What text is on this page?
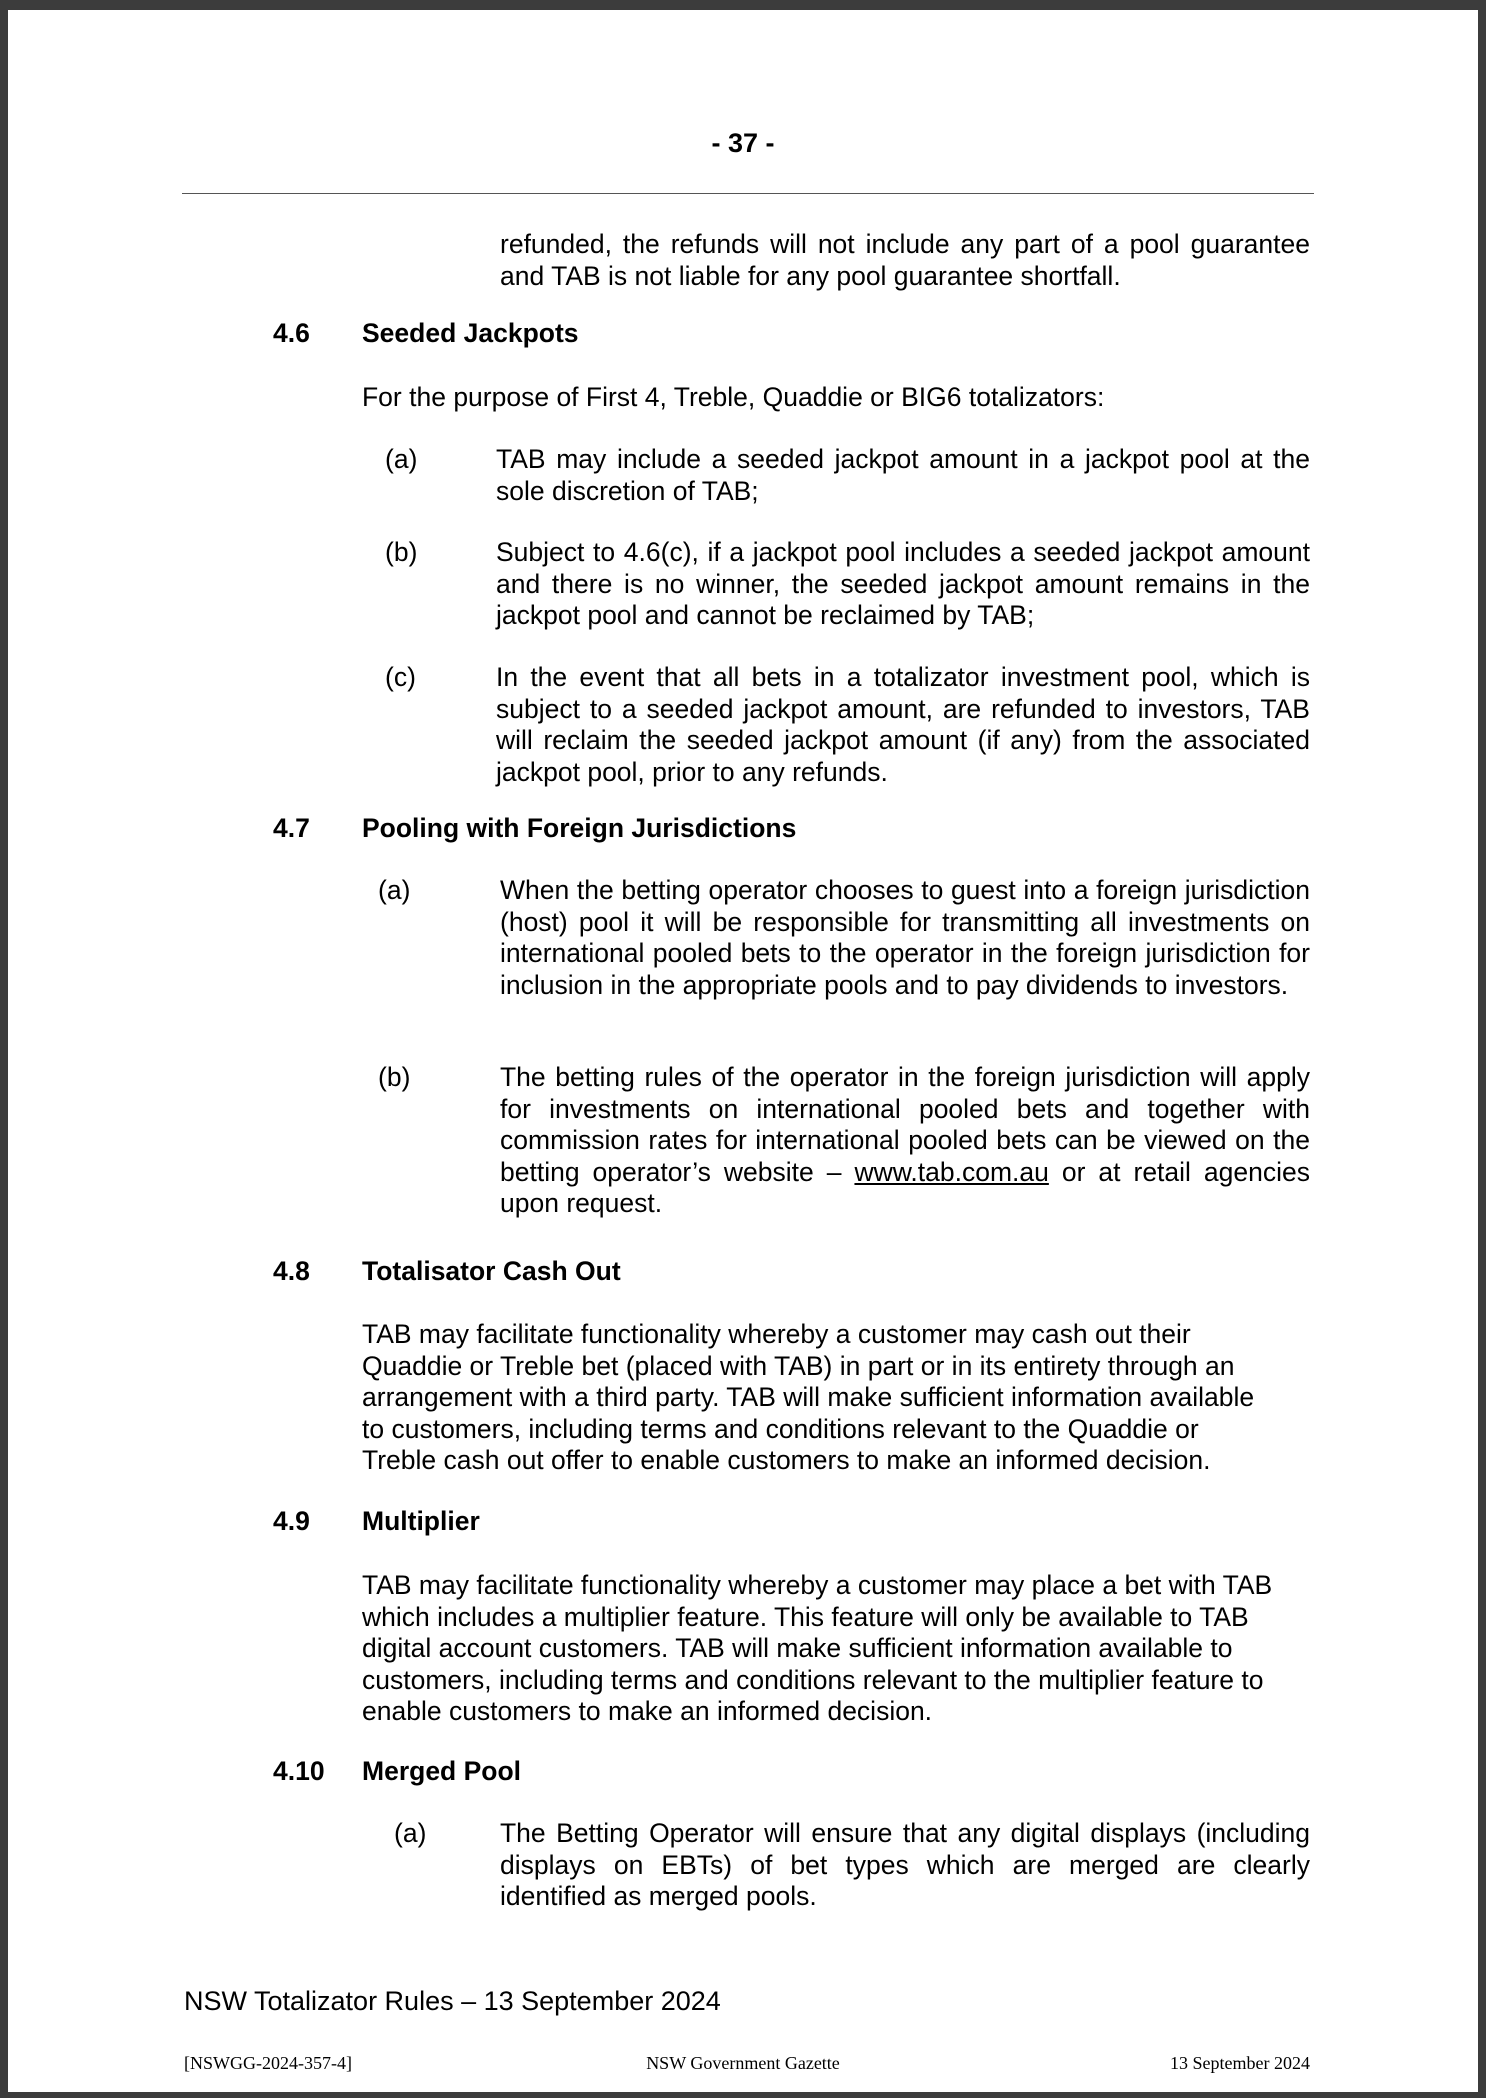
- 37 -
refunded, the refunds will not include any part of a pool guarantee and TAB is not liable for any pool guarantee shortfall.
4.6 Seeded Jackpots
For the purpose of First 4, Treble, Quaddie or BIG6 totalizators:
(a)	TAB may include a seeded jackpot amount in a jackpot pool at the sole discretion of TAB;
(b)	Subject to 4.6(c), if a jackpot pool includes a seeded jackpot amount and there is no winner, the seeded jackpot amount remains in the jackpot pool and cannot be reclaimed by TAB;
(c)	In the event that all bets in a totalizator investment pool, which is subject to a seeded jackpot amount, are refunded to investors, TAB will reclaim the seeded jackpot amount (if any) from the associated jackpot pool, prior to any refunds.
4.7 Pooling with Foreign Jurisdictions
(a)	When the betting operator chooses to guest into a foreign jurisdiction (host) pool it will be responsible for transmitting all investments on international pooled bets to the operator in the foreign jurisdiction for inclusion in the appropriate pools and to pay dividends to investors.
(b)	The betting rules of the operator in the foreign jurisdiction will apply for investments on international pooled bets and together with commission rates for international pooled bets can be viewed on the betting operator’s website – www.tab.com.au or at retail agencies upon request.
4.8 Totalisator Cash Out
TAB may facilitate functionality whereby a customer may cash out their
Quaddie or Treble bet (placed with TAB) in part or in its entirety through an
arrangement with a third party. TAB will make sufficient information available
to customers, including terms and conditions relevant to the Quaddie or
Treble cash out offer to enable customers to make an informed decision.
4.9 Multiplier
TAB may facilitate functionality whereby a customer may place a bet with TAB
which includes a multiplier feature. This feature will only be available to TAB
digital account customers. TAB will make sufficient information available to
customers, including terms and conditions relevant to the multiplier feature to
enable customers to make an informed decision.
4.10 Merged Pool
(a)	The Betting Operator will ensure that any digital displays (including displays on EBTs) of bet types which are merged are clearly identified as merged pools.
NSW Totalizator Rules – 13 September 2024
[NSWGG-2024-357-4]	NSW Government Gazette	13 September 2024
